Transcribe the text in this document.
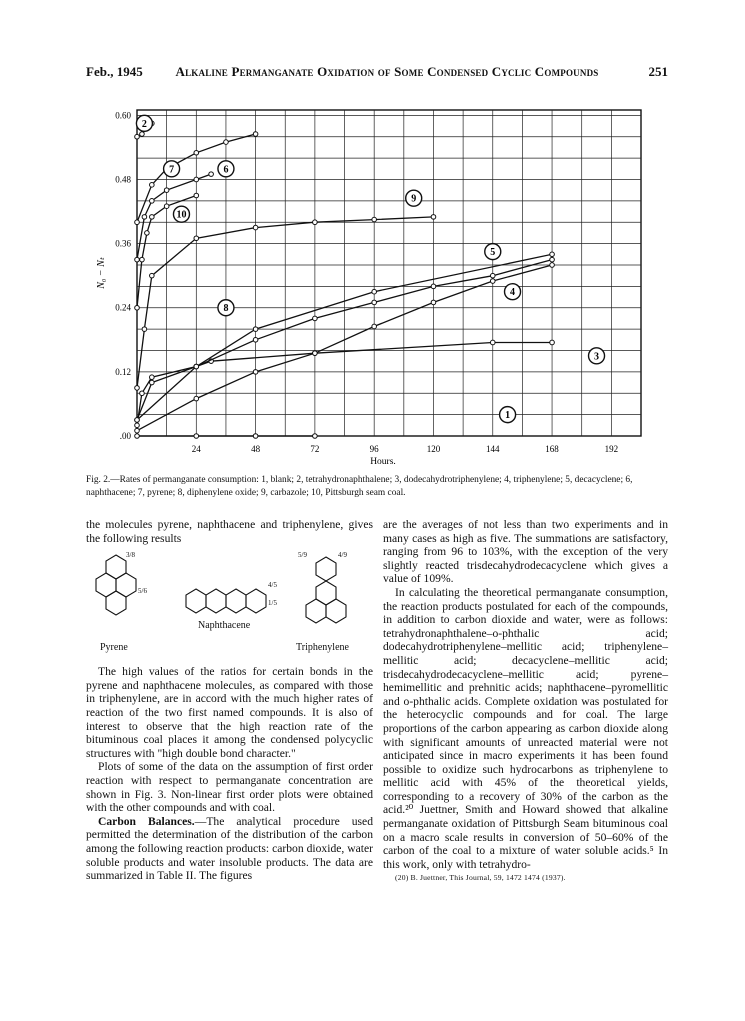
Feb., 1945	Alkaline Permanganate Oxidation of Some Condensed Cyclic Compounds	251
24	48	72	96	120	144	168	192
.00
0.12
0.24
0.36
0.48
0.60
Hours.
N₀ − Nₜ
1
2
3
4
5
6
7
8
9
10
Fig. 2.—Rates of permanganate consumption: 1, blank; 2, tetrahydronaphthalene; 3, dodecahydrotriphenylene; 4, triphenylene; 5, decacyclene; 6, naphthacene; 7, pyrene; 8, diphenylene oxide; 9, carbazole; 10, Pittsburgh seam coal.

the molecules pyrene, naphthacene and triphenylene, gives the following results

3/8
5/6
4/5
1/5
5/9	4/9
Naphthacene
Pyrene	Triphenylene

The high values of the ratios for certain bonds in the pyrene and naphthacene molecules, as compared with those in triphenylene, are in accord with the much higher rates of reaction of the two first named compounds. It is also of interest to observe that the high reaction rate of the bituminous coal places it among the condensed polycyclic structures with "high double bond character."

Plots of some of the data on the assumption of first order reaction with respect to permanganate concentration are shown in Fig. 3. Non-linear first order plots were obtained with the other compounds and with coal.

Carbon Balances.—The analytical procedure used permitted the determination of the distribution of the carbon among the following reaction products: carbon dioxide, water soluble products and water insoluble products. The data are summarized in Table II. The figures

are the averages of not less than two experiments and in many cases as high as five. The summations are satisfactory, ranging from 96 to 103%, with the exception of the very slightly reacted trisdecahydrodecacyclene which gives a value of 109%.

In calculating the theoretical permanganate consumption, the reaction products postulated for each of the compounds, in addition to carbon dioxide and water, were as follows: tetrahydronaphthalene–o-phthalic acid; dodecahydrotriphenylene–mellitic acid; triphenylene–mellitic acid; decacyclene–mellitic acid; trisdecahydrodecacyclene–mellitic acid; pyrene–hemimellitic and prehnitic acids; naphthacene–pyromellitic and o-phthalic acids. Complete oxidation was postulated for the heterocyclic compounds and for coal. The large proportions of the carbon appearing as carbon dioxide along with significant amounts of unreacted material were not anticipated since in macro experiments it has been found possible to oxidize such hydrocarbons as triphenylene to mellitic acid with 45% of the theoretical yields, corresponding to a recovery of 30% of the carbon as the acid.²⁰ Juettner, Smith and Howard showed that alkaline permanganate oxidation of Pittsburgh Seam bituminous coal on a macro scale results in conversion of 50–60% of the carbon of the coal to a mixture of water soluble acids.⁵ In this work, only with tetrahydro-

(20) B. Juettner, This Journal, 59, 1472 1474 (1937).
